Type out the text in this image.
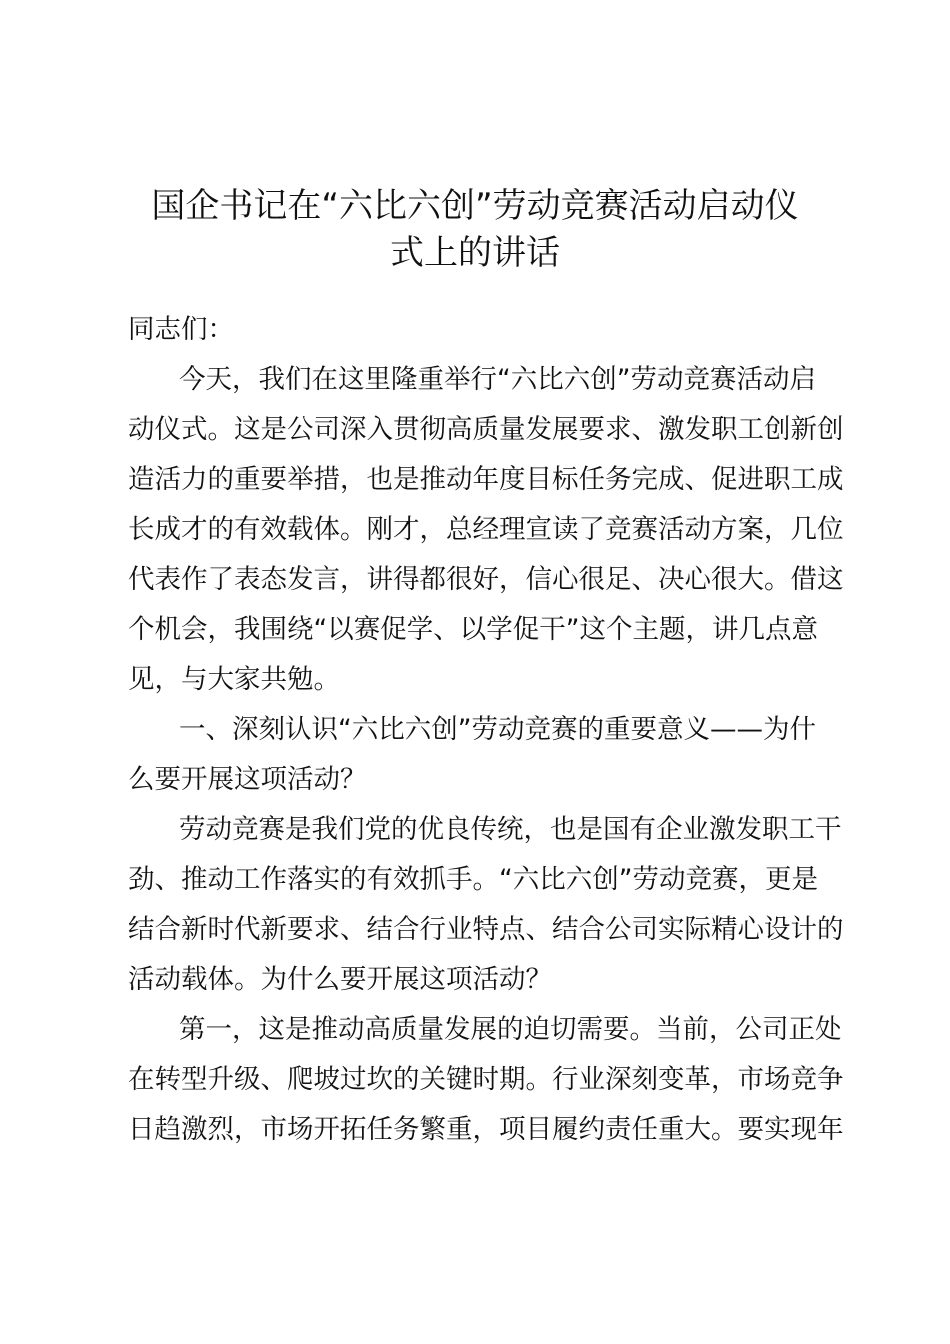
国企书记在“六比六创”劳动竞赛活动启动仪
式上的讲话
同志们：
今天，我们在这里隆重举行“六比六创”劳动竞赛活动启
动仪式。这是公司深入贯彻高质量发展要求、激发职工创新创
造活力的重要举措，也是推动年度目标任务完成、促进职工成
长成才的有效载体。刚才，总经理宣读了竞赛活动方案，几位
代表作了表态发言，讲得都很好，信心很足、决心很大。借这
个机会，我围绕“以赛促学、以学促干”这个主题，讲几点意
见，与大家共勉。
一、深刻认识“六比六创”劳动竞赛的重要意义——为什
么要开展这项活动？
劳动竞赛是我们党的优良传统，也是国有企业激发职工干
劲、推动工作落实的有效抓手。“六比六创”劳动竞赛，更是
结合新时代新要求、结合行业特点、结合公司实际精心设计的
活动载体。为什么要开展这项活动？
第一，这是推动高质量发展的迫切需要。当前，公司正处
在转型升级、爬坡过坎的关键时期。行业深刻变革，市场竞争
日趋激烈，市场开拓任务繁重，项目履约责任重大。要实现年
